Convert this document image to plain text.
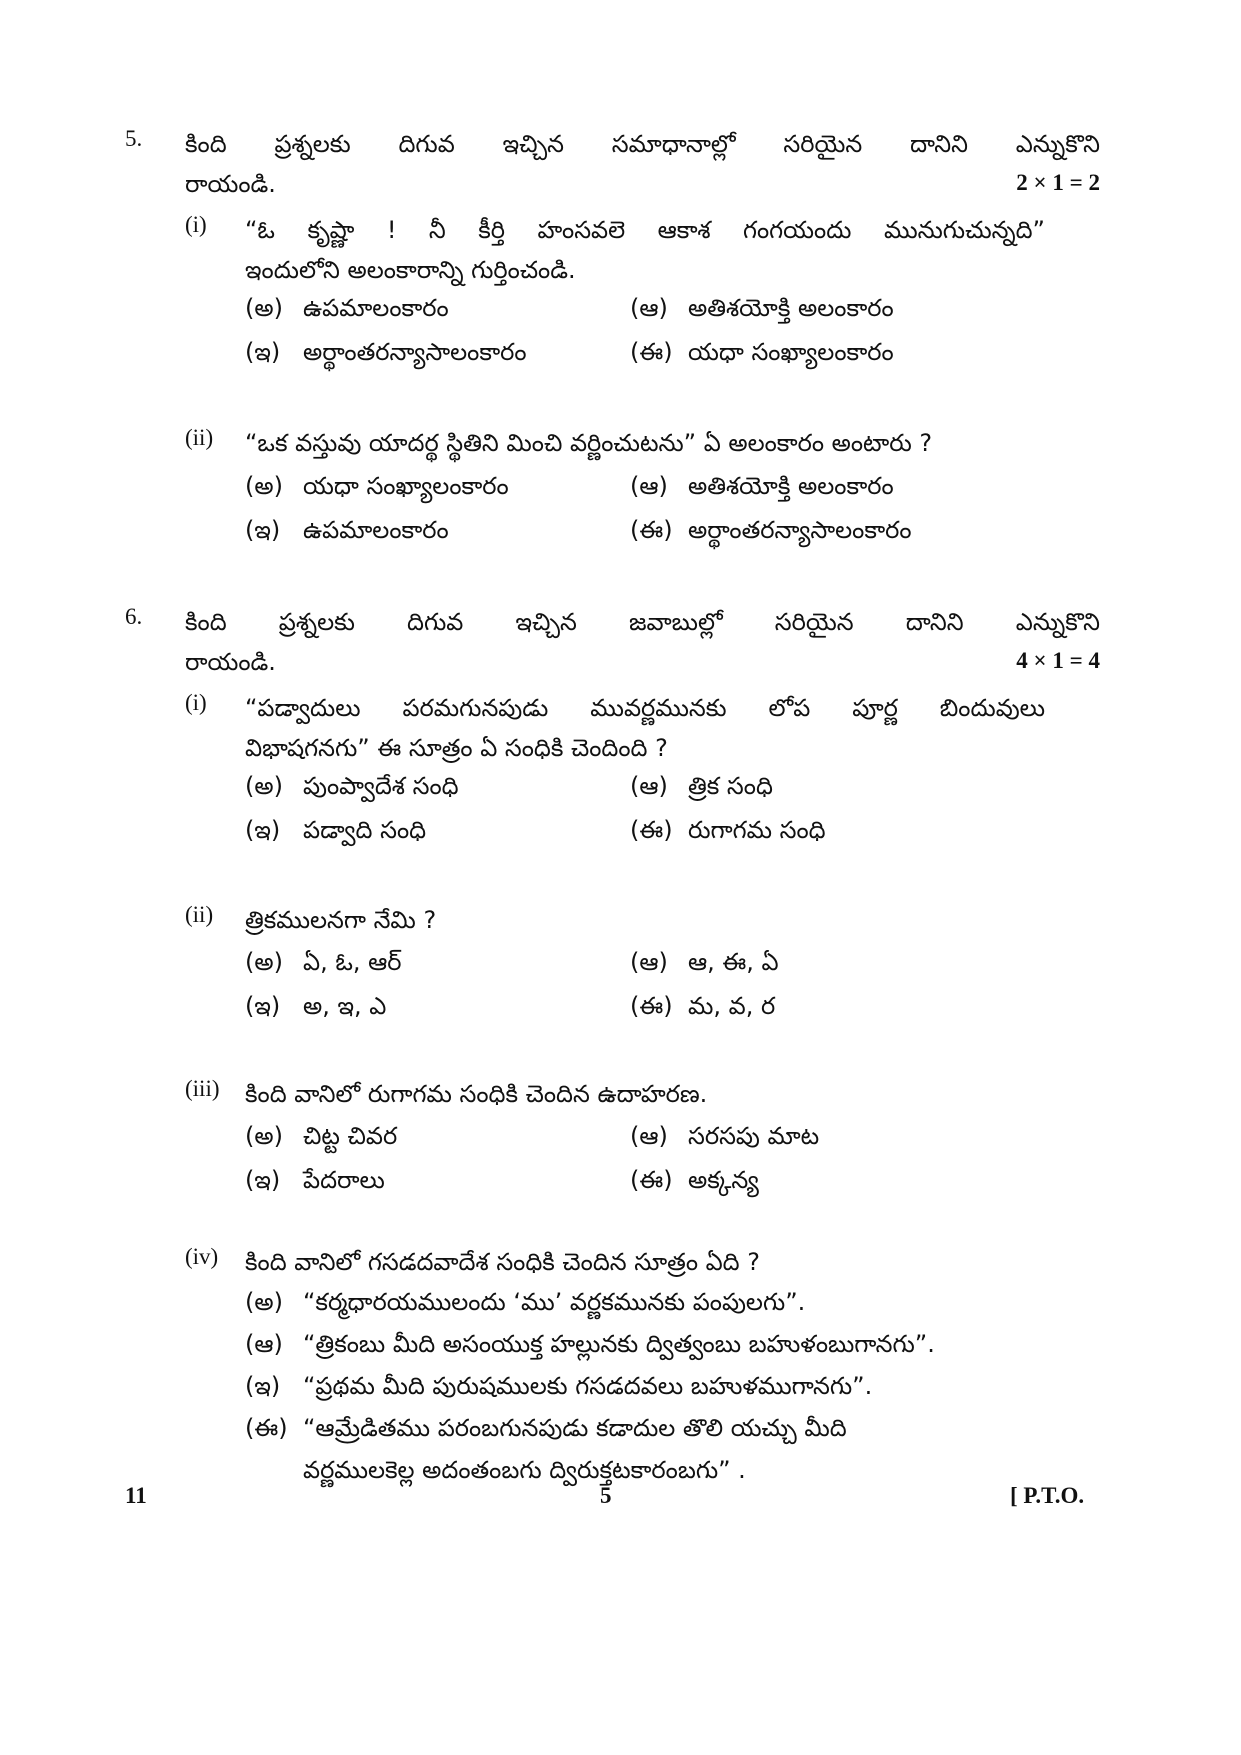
5. కింది ప్రశ్నలకు దిగువ ఇచ్చిన సమాధానాల్లో సరియైన దానిని ఎన్నుకొని
రాయండి.	2 × 1 = 2
(i) “ఓ కృష్ణా ! నీ కీర్తి హంసవలె ఆకాశ గంగయందు మునుగుచున్నది”
ఇందులోని అలంకారాన్ని గుర్తించండి.
(అ) ఉపమాలంకారం	(ఆ) అతిశయోక్తి అలంకారం
(ఇ) అర్థాంతరన్యాసాలంకారం	(ఈ) యధా సంఖ్యాలంకారం
(ii) “ఒక వస్తువు యాదర్థ స్థితిని మించి వర్ణించుటను” ఏ అలంకారం అంటారు ?
(అ) యధా సంఖ్యాలంకారం	(ఆ) అతిశయోక్తి అలంకారం
(ఇ) ఉపమాలంకారం	(ఈ) అర్థాంతరన్యాసాలంకారం
6. కింది ప్రశ్నలకు దిగువ ఇచ్చిన జవాబుల్లో సరియైన దానిని ఎన్నుకొని
రాయండి.	4 × 1 = 4
(i) “పడ్వాదులు పరమగునపుడు మువర్ణమునకు లోప పూర్ణ బిందువులు
విభాషగనగు” ఈ సూత్రం ఏ సంధికి చెందింది ?
(అ) పుంప్వాదేశ సంధి	(ఆ) త్రిక సంధి
(ఇ) పడ్వాది సంధి	(ఈ) రుగాగమ సంధి
(ii) త్రికములనగా నేమి ?
(అ) ఏ, ఓ, ఆర్	(ఆ) ఆ, ఈ, ఏ
(ఇ) అ, ఇ, ఎ	(ఈ) మ, వ, ర
(iii) కింది వానిలో రుగాగమ సంధికి చెందిన ఉదాహరణ.
(అ) చిట్ట చివర	(ఆ) సరసపు మాట
(ఇ) పేదరాలు	(ఈ) అక్కన్య
(iv) కింది వానిలో గసడదవాదేశ సంధికి చెందిన సూత్రం ఏది ?
(అ) “కర్మధారయములందు ‘ము’ వర్ణకమునకు పంపులగు”.
(ఆ) “త్రికంబు మీది అసంయుక్త హల్లునకు ద్విత్వంబు బహుళంబుగానగు”.
(ఇ) “ప్రథమ మీది పురుషములకు గసడదవలు బహుళముగానగు”.
(ఈ) “ఆమ్రేడితము పరంబగునపుడు కడాదుల తొలి యచ్చు మీది
వర్ణములకెల్ల అదంతంబగు ద్విరుక్తటకారంబగు” .
11	5	[ P.T.O.
